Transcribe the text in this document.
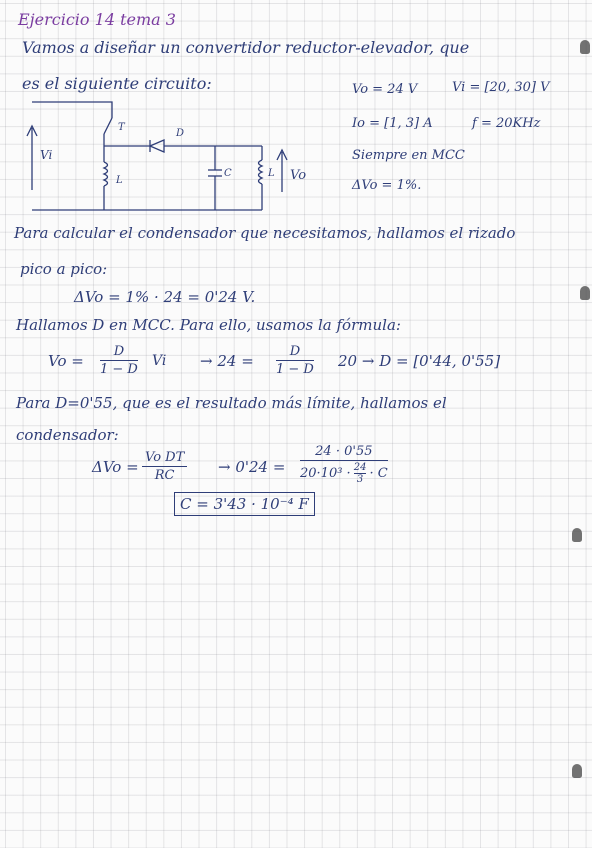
Ejercicio 14 tema 3
Vamos a diseñar un convertidor reductor-elevador, que
es el siguiente circuito:	Vo = 24 V	Vi = [20, 30] V
Io = [1, 3] A	f = 20KHz
Siempre en MCC
ΔVo = 1%.
Vi
T
D
L
C	L Vo
Para calcular el condensador que necesitamos, hallamos el rizado
pico a pico:
ΔVo = 1% · 24 = 0'24 V.
Hallamos D en MCC. Para ello, usamos la fórmula:
$Vo = \frac{D}{1 - D}$ $Vi \to 24 = \frac{D}{1 - D} 20 \to D = [0'44$, 0'55]
Para D=0'55, que es el resultado más límite, hallamos el
condensador:
$\Delta Vo = \frac{\text{Vo DT}}{RC} \to 0'24 = \frac{24 \cdot 0'55}{20\cdot 10^3 \cdot \frac{24}{3} \cdot C}$
C = 3'43 · 10⁻⁴ F
